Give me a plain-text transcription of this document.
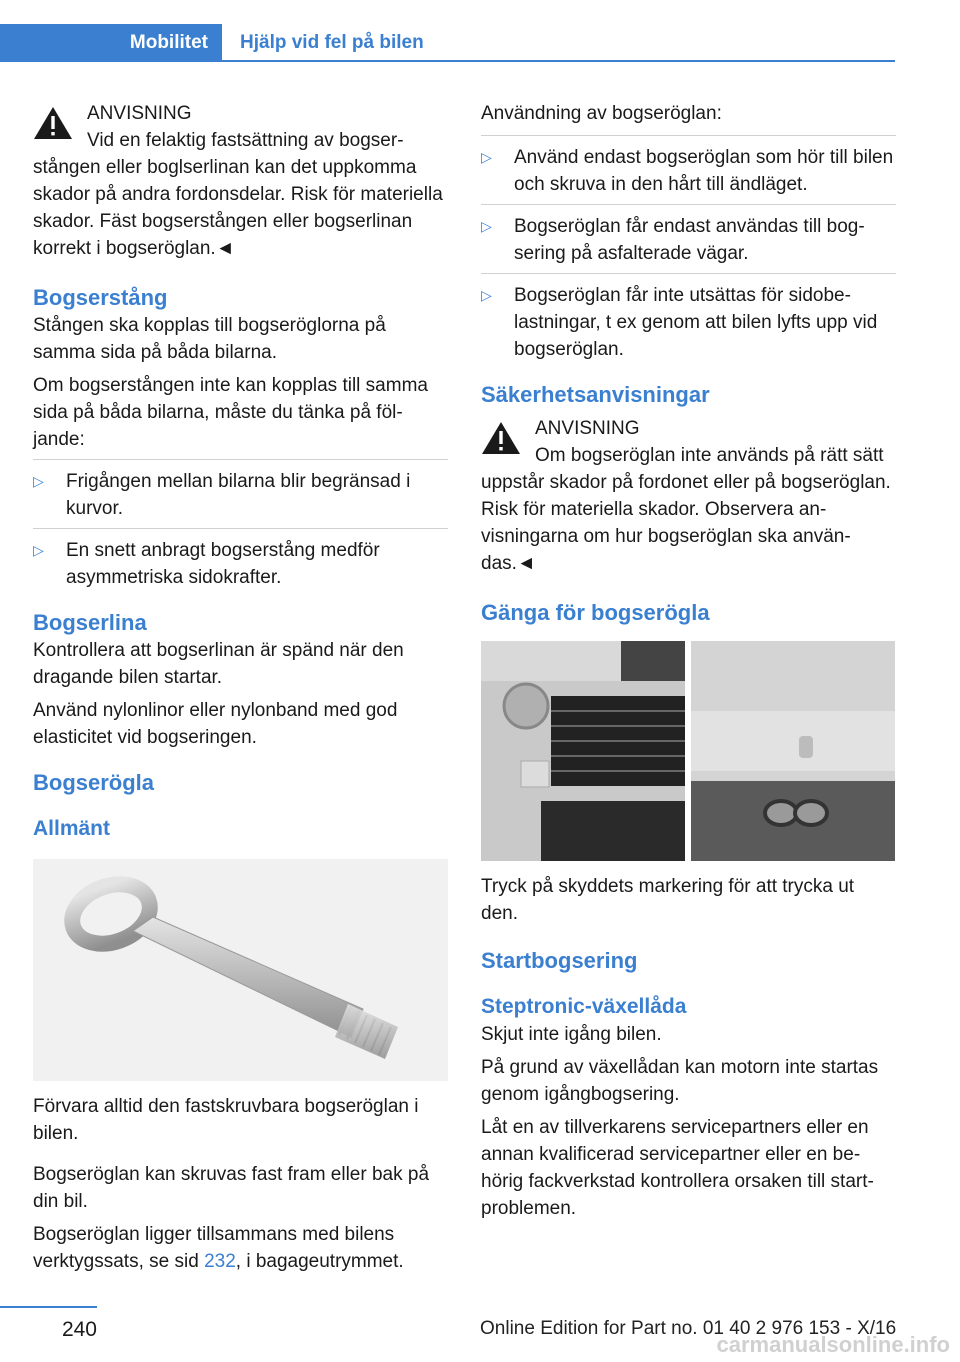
Mobilitet Hjälp vid fel på bilen
ANVISNING
Vid en felaktig fastsättning av bogserstången eller boglserlinan kan det uppkomma skador på andra fordonsdelar. Risk för materiella skador. Fäst bogserstången eller bogserlinan korrekt i bogseröglan.◄
Bogserstång

Stången ska kopplas till bogseröglorna på samma sida på båda bilarna.

Om bogserstången inte kan kopplas till samma sida på båda bilarna, måste du tänka på följande:

▷ Frigången mellan bilarna blir begränsad i kurvor.
▷ En snett anbragt bogserstång medför asymmetriska sidokrafter.
Bogserlina

Kontrollera att bogserlinan är spänd när den dragande bilen startar.

Använd nylonlinor eller nylonband med god elasticitet vid bogseringen.

Bogserögla
Allmänt

Förvara alltid den fastskruvbara bogseröglan i bilen.

Bogseröglan kan skruvas fast fram eller bak på din bil.

Bogseröglan ligger tillsammans med bilens verktygssats, se sid 232, i bagageutrymmet.

Användning av bogseröglan:

▷ Använd endast bogseröglan som hör till bilen och skruva in den hårt till ändläget.
▷ Bogseröglan får endast användas till bogsering på asfalterade vägar.
▷ Bogseröglan får inte utsättas för sidobelastningar, t ex genom att bilen lyfts upp vid bogseröglan.
Säkerhetsanvisningar
ANVISNING
Om bogseröglan inte används på rätt sätt uppstår skador på fordonet eller på bogseröglan. Risk för materiella skador. Observera anvisningarna om hur bogseröglan ska användas.◄
Gänga för bogserögla

Tryck på skyddets markering för att trycka ut den.

Startbogsering
Steptronic-växellåda

Skjut inte igång bilen.

På grund av växellådan kan motorn inte startas genom igångbogsering.

Låt en av tillverkarens servicepartners eller en annan kvalificerad servicepartner eller en behörig fackverkstad kontrollera orsaken till startproblemen.

240	Online Edition for Part no. 01 40 2 976 153 - X/16
carmanualsonline.info
